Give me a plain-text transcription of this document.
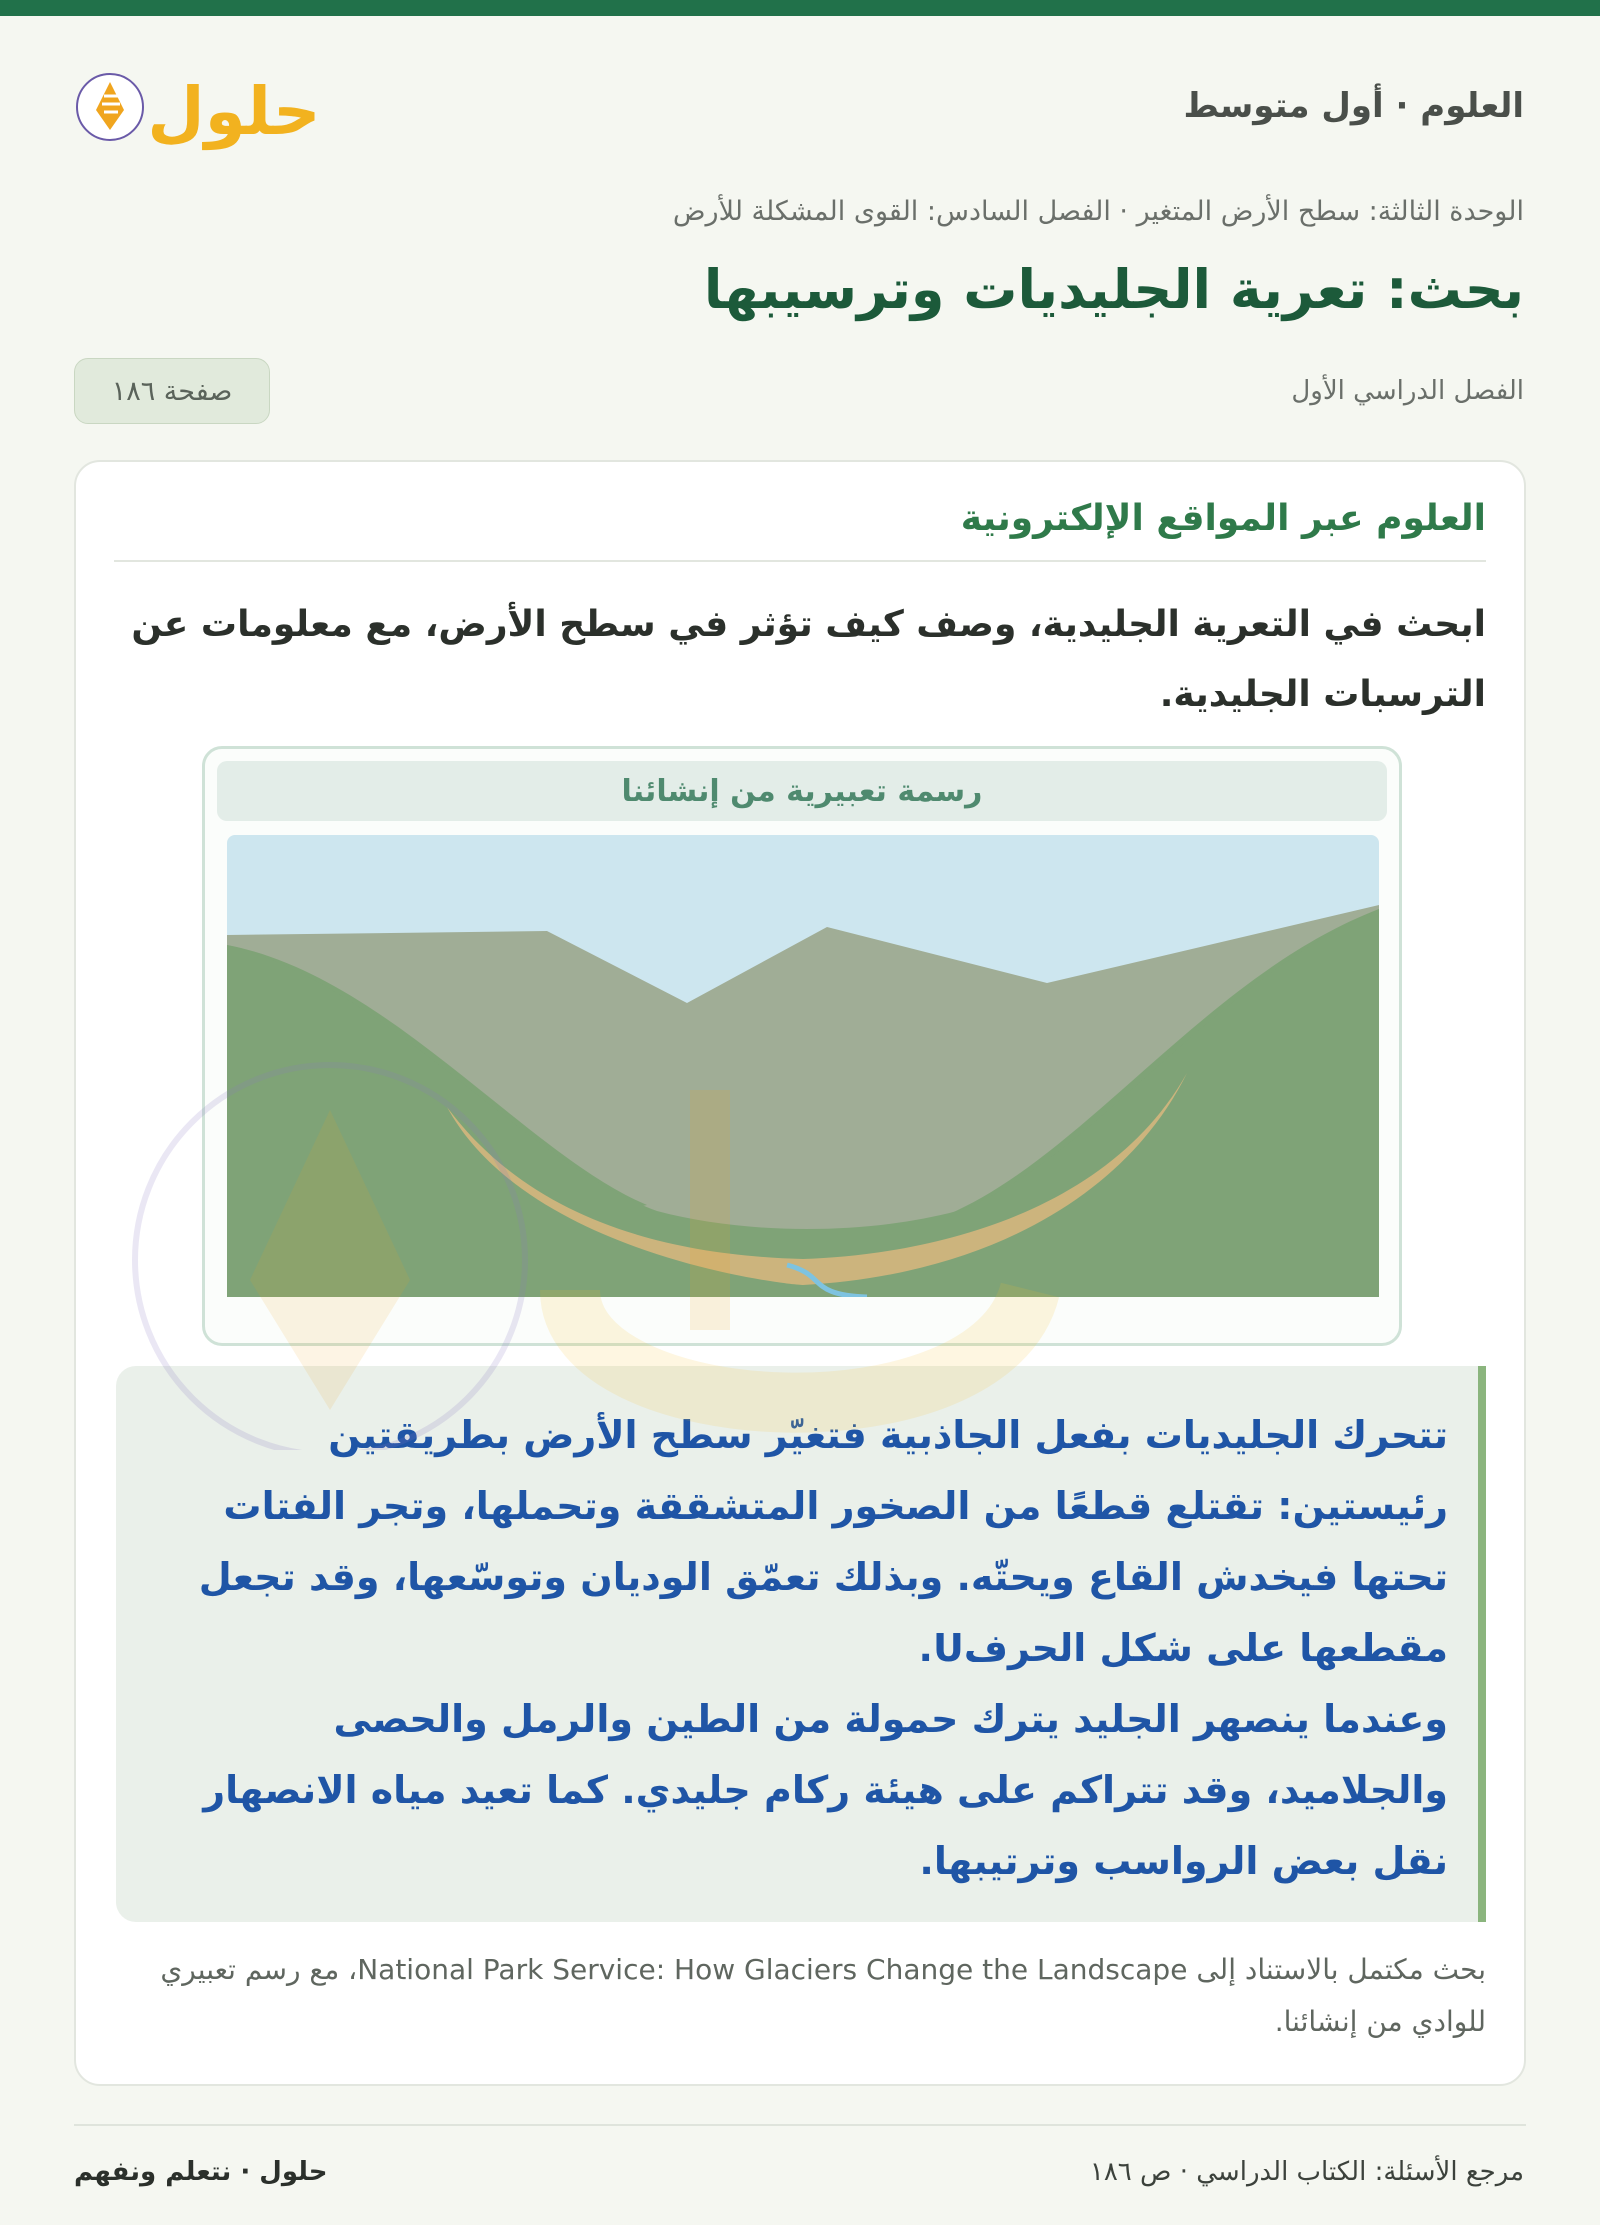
العلوم · أول متوسط
حلول
الوحدة الثالثة: سطح الأرض المتغير · الفصل السادس: القوى المشكلة للأرض
بحث: تعرية الجليديات وترسيبها
الفصل الدراسي الأول
صفحة ١٨٦
العلوم عبر المواقع الإلكترونية
ابحث في التعرية الجليدية، وصف كيف تؤثر في سطح الأرض، مع معلومات عن الترسبات الجليدية.
رسمة تعبيرية من إنشائنا

تتحرك الجليديات بفعل الجاذبية فتغيّر سطح الأرض بطريقتين رئيستين: تقتلع قطعًا من الصخور المتشققة وتحملها، وتجر الفتات تحتها فيخدش القاع ويحتّه. وبذلك تعمّق الوديان وتوسّعها، وقد تجعل مقطعها على شكل الحرفU.

وعندما ينصهر الجليد يترك حمولة من الطين والرمل والحصى والجلاميد، وقد تتراكم على هيئة ركام جليدي. كما تعيد مياه الانصهار نقل بعض الرواسب وترتيبها.

بحث مكتمل بالاستناد إلى National Park Service: How Glaciers Change the Landscape، مع رسم تعبيري للوادي من إنشائنا.
حلول · نتعلم ونفهم	مرجع الأسئلة: الكتاب الدراسي · ص ١٨٦
